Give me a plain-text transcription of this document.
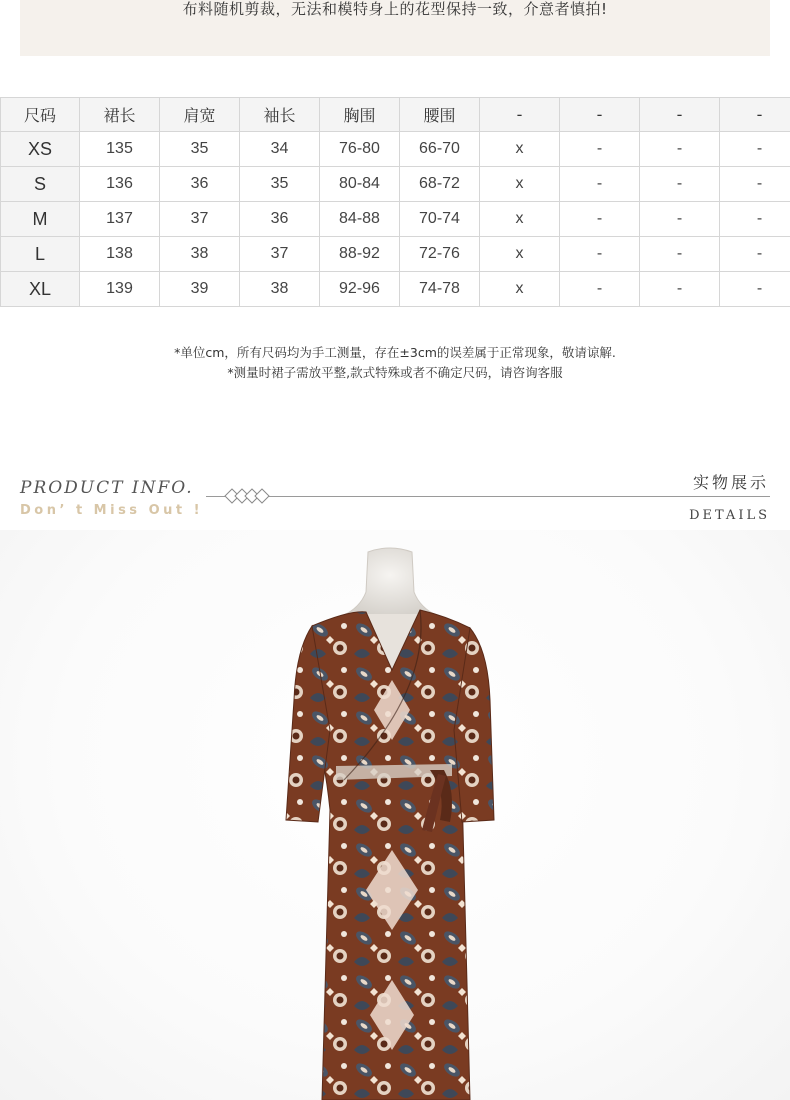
布料随机剪裁，无法和模特身上的花型保持一致，介意者慎拍!
尺码	裙长	肩宽	袖长	胸围	腰围	-	-	-	-
XS	135	35	34	76-80	66-70	x	-	-	-
S	136	36	35	80-84	68-72	x	-	-	-
M	137	37	36	84-88	70-74	x	-	-	-
L	138	38	37	88-92	72-76	x	-	-	-
XL	139	39	38	92-96	74-78	x	-	-	-
*单位cm，所有尺码均为手工测量，存在±3cm的误差属于正常现象，敬请谅解.
*测量时裙子需放平整,款式特殊或者不确定尺码，请咨询客服
PRODUCT INFO.
Don’ t Miss Out !
实物展示
DETAILS
